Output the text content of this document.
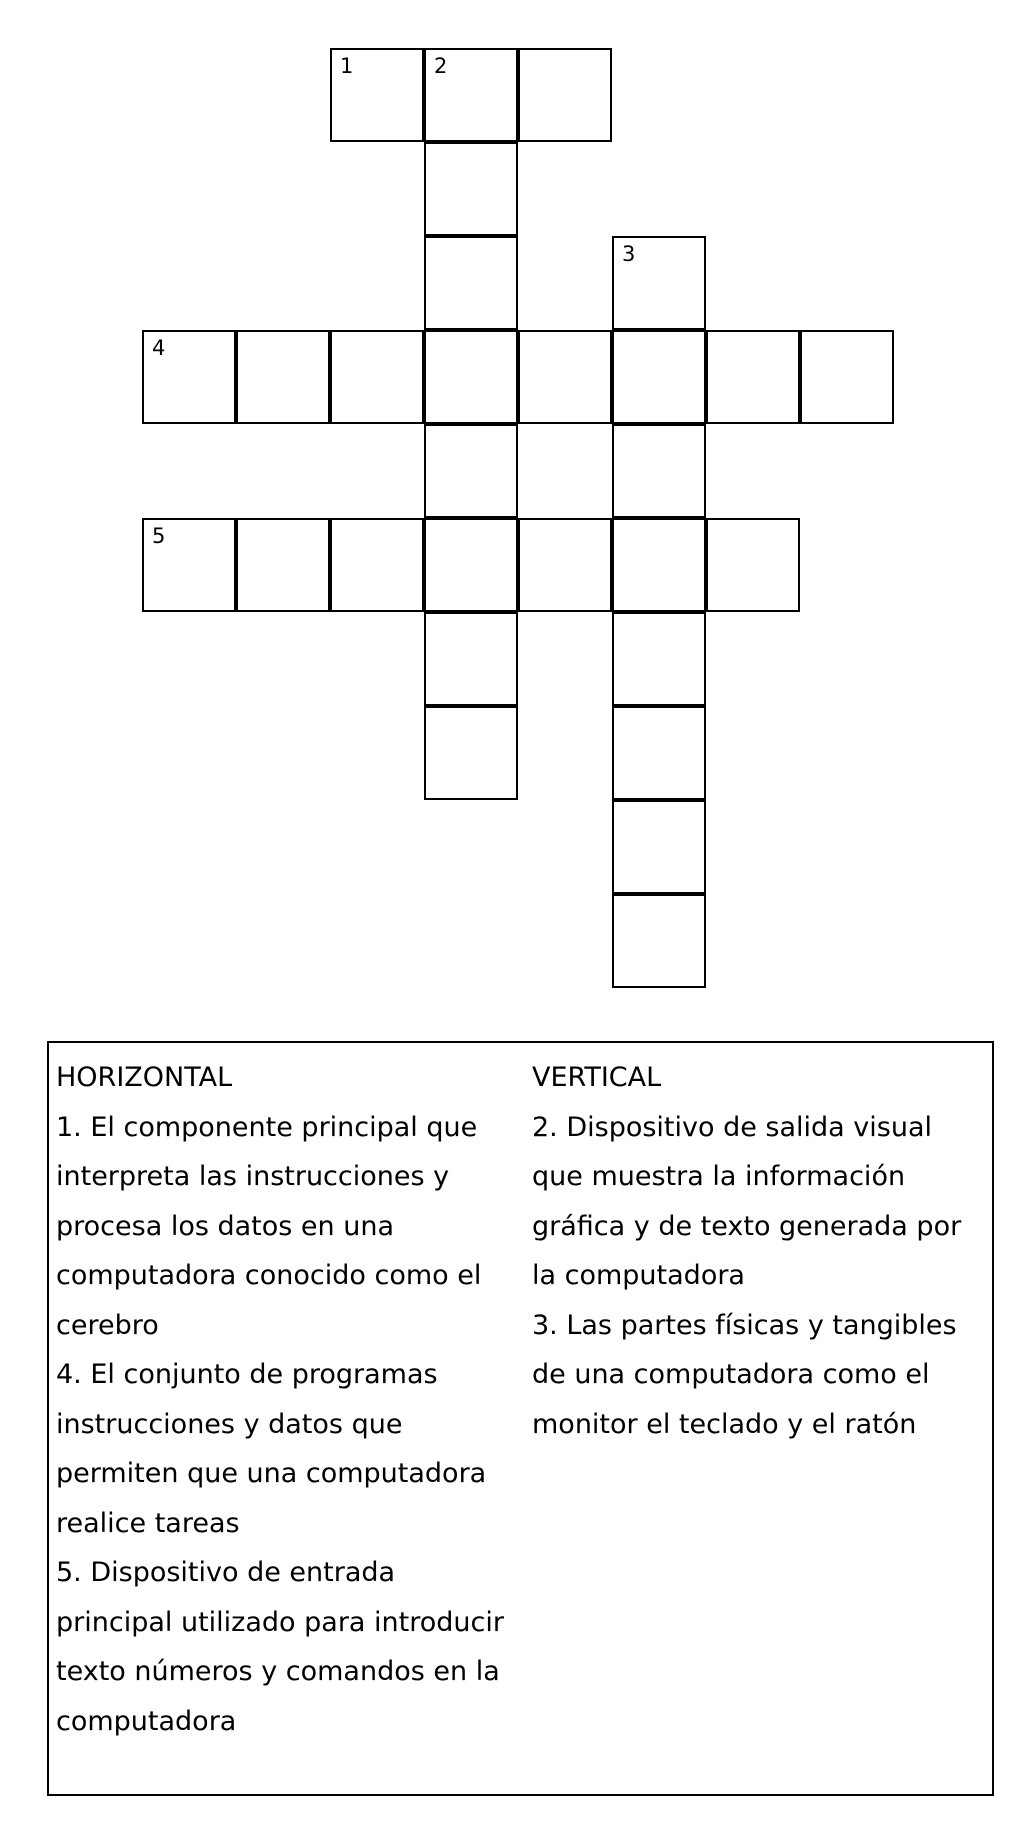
1	2
3
4
5

HORIZONTAL

1. El componente principal que interpreta las instrucciones y procesa los datos en una computadora conocido como el cerebro

4. El conjunto de programas instrucciones y datos que permiten que una computadora realice tareas

5. Dispositivo de entrada principal utilizado para introducir texto números y comandos en la computadora

VERTICAL

2. Dispositivo de salida visual que muestra la información gráfica y de texto generada por la computadora

3. Las partes físicas y tangibles de una computadora como el monitor el teclado y el ratón
